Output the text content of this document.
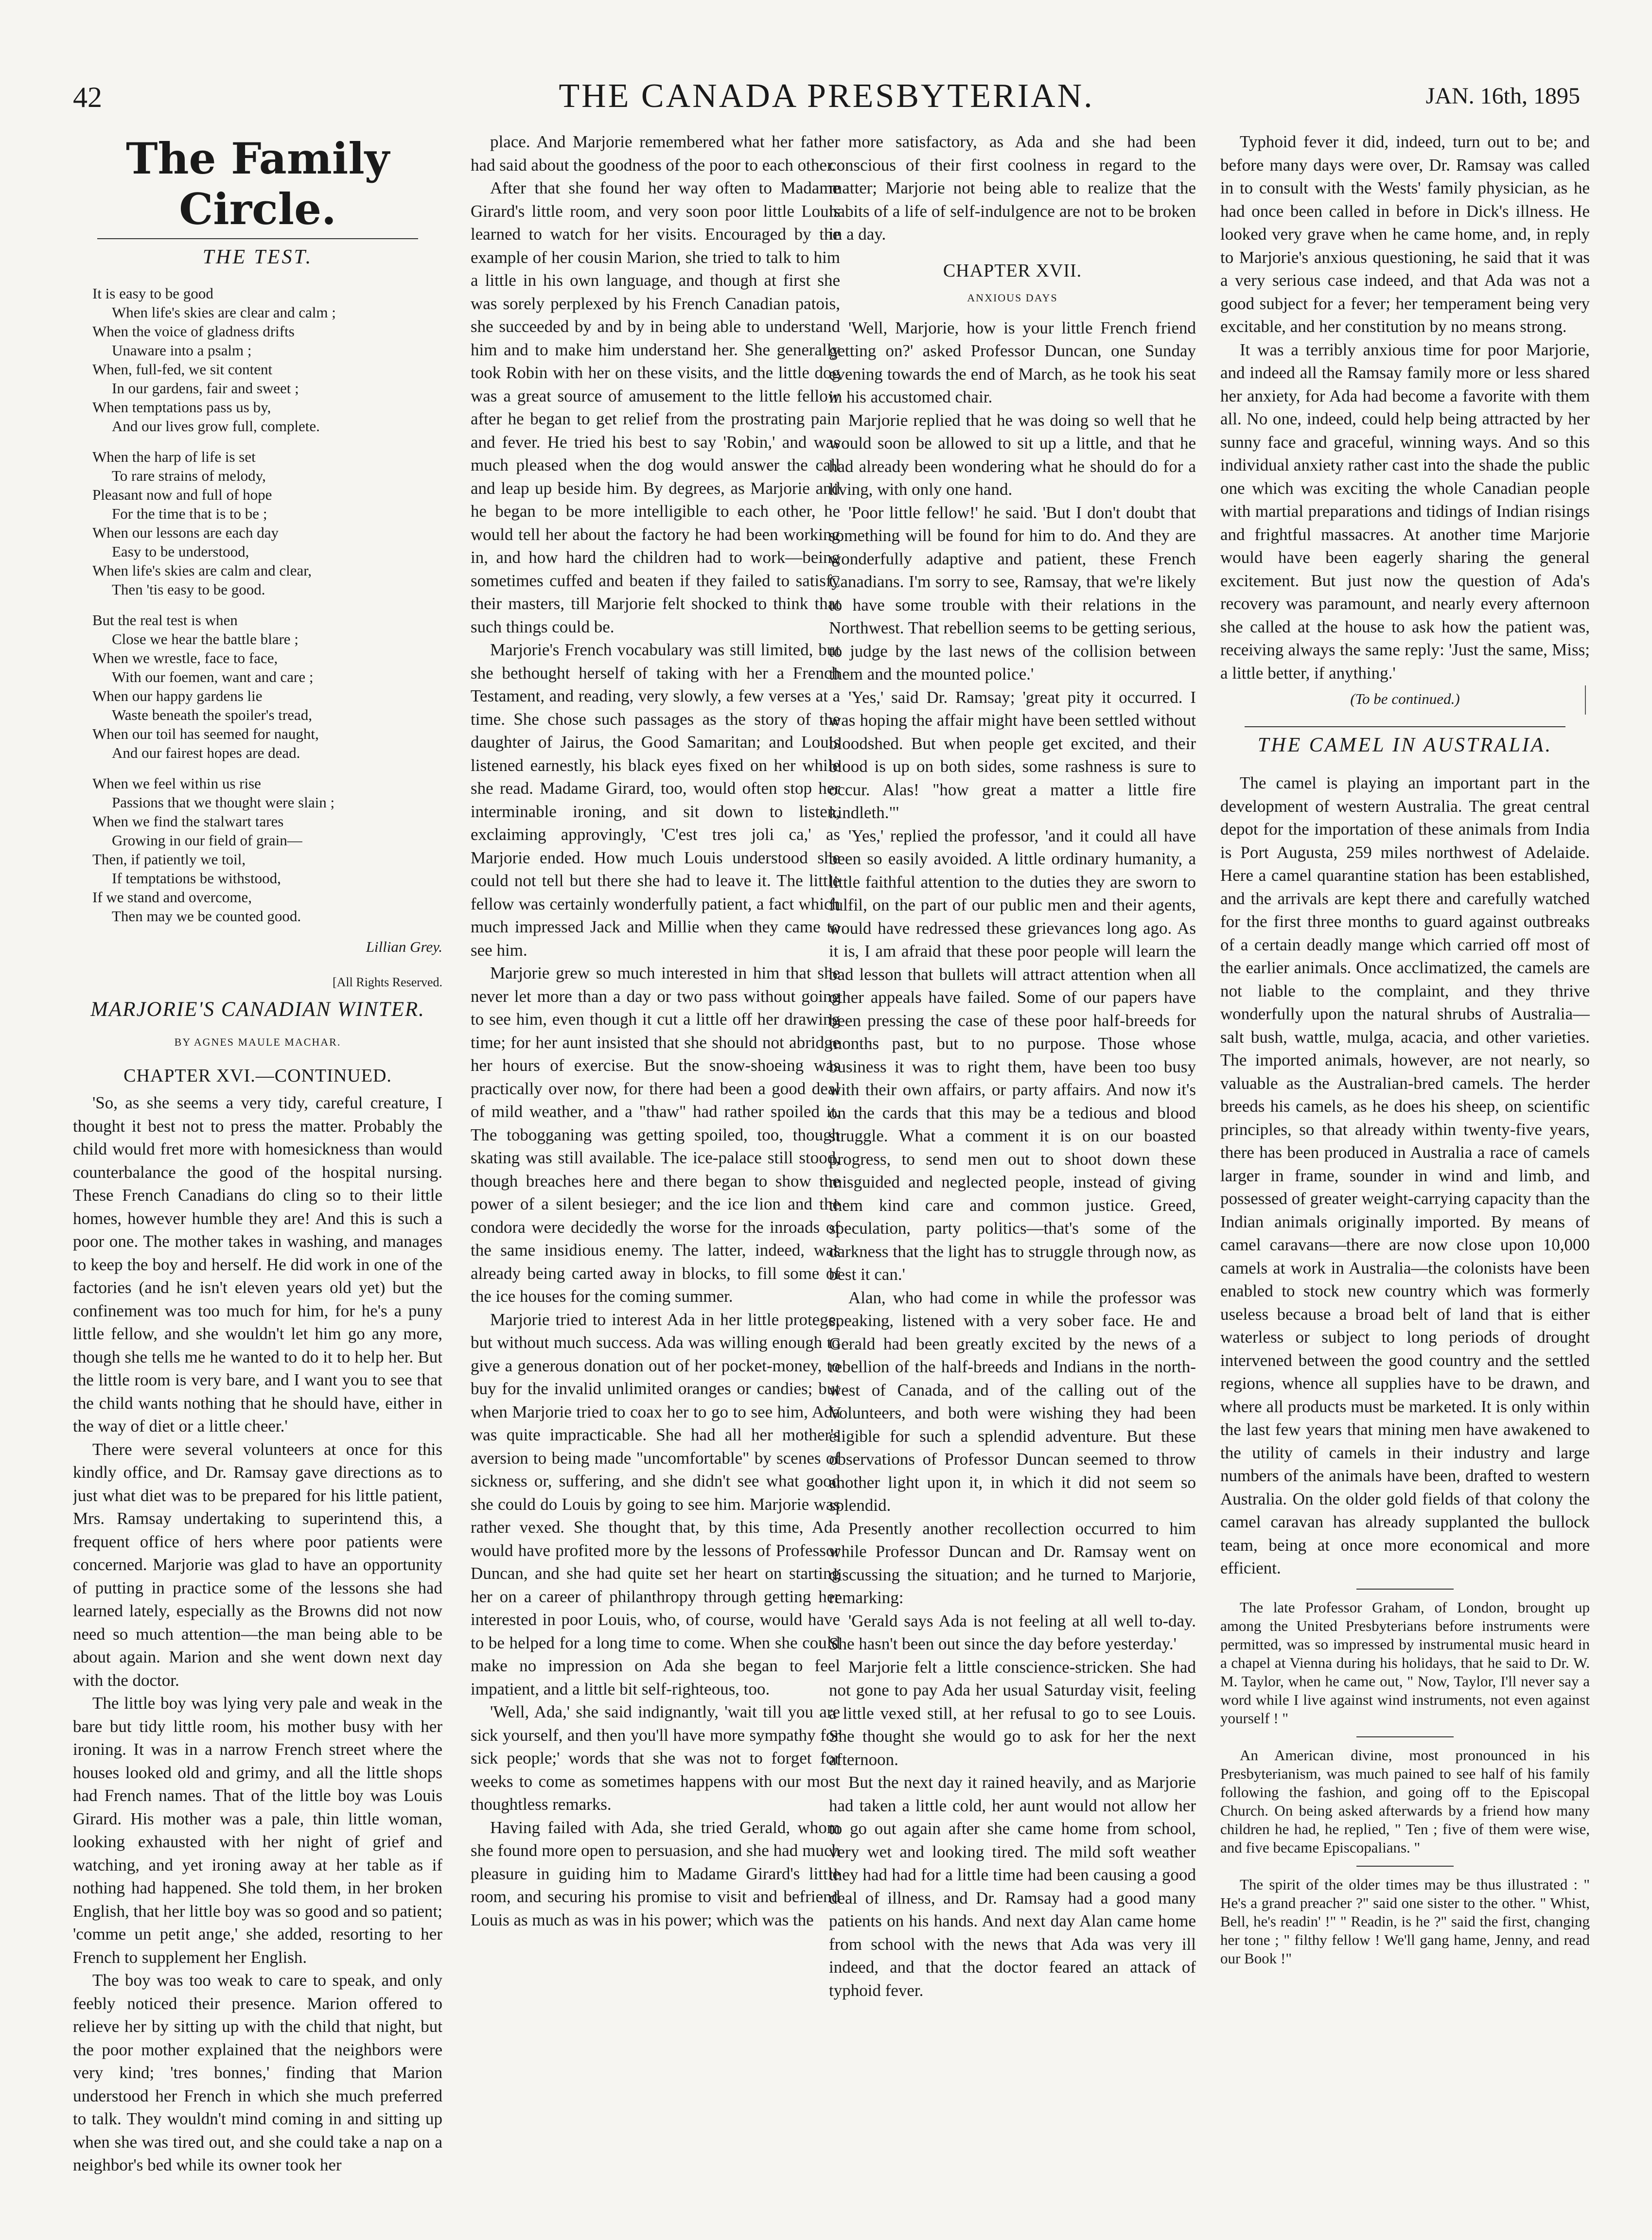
42	THE CANADA PRESBYTERIAN.	JAN. 16th, 1895
The Family Circle.
THE TEST.
It is easy to be good
When life's skies are clear and calm ;
When the voice of gladness drifts
Unaware into a psalm ;
When, full-fed, we sit content
In our gardens, fair and sweet ;
When temptations pass us by,
And our lives grow full, complete.
When the harp of life is set
To rare strains of melody,
Pleasant now and full of hope
For the time that is to be ;
When our lessons are each day
Easy to be understood,
When life's skies are calm and clear,
Then 'tis easy to be good.
But the real test is when
Close we hear the battle blare ;
When we wrestle, face to face,
With our foemen, want and care ;
When our happy gardens lie
Waste beneath the spoiler's tread,
When our toil has seemed for naught,
And our fairest hopes are dead.
When we feel within us rise
Passions that we thought were slain ;
When we find the stalwart tares
Growing in our field of grain—
Then, if patiently we toil,
If temptations be withstood,
If we stand and overcome,
Then may we be counted good.
Lillian Grey.
[All Rights Reserved.
MARJORIE'S CANADIAN WINTER.
BY AGNES MAULE MACHAR.
CHAPTER XVI.—CONTINUED.

'So, as she seems a very tidy, careful creature, I thought it best not to press the matter. Probably the child would fret more with homesickness than would counterbalance the good of the hospital nursing. These French Canadians do cling so to their little homes, however humble they are! And this is such a poor one. The mother takes in washing, and manages to keep the boy and herself. He did work in one of the factories (and he isn't eleven years old yet) but the confinement was too much for him, for he's a puny little fellow, and she wouldn't let him go any more, though she tells me he wanted to do it to help her. But the little room is very bare, and I want you to see that the child wants nothing that he should have, either in the way of diet or a little cheer.'

There were several volunteers at once for this kindly office, and Dr. Ramsay gave directions as to just what diet was to be prepared for his little patient, Mrs. Ramsay undertaking to superintend this, a frequent office of hers where poor patients were concerned. Marjorie was glad to have an opportunity of putting in practice some of the lessons she had learned lately, especially as the Browns did not now need so much attention—the man being able to be about again. Marion and she went down next day with the doctor.

The little boy was lying very pale and weak in the bare but tidy little room, his mother busy with her ironing. It was in a narrow French street where the houses looked old and grimy, and all the little shops had French names. That of the little boy was Louis Girard. His mother was a pale, thin little woman, looking exhausted with her night of grief and watching, and yet ironing away at her table as if nothing had happened. She told them, in her broken English, that her little boy was so good and so patient; 'comme un petit ange,' she added, resorting to her French to supplement her English.

The boy was too weak to care to speak, and only feebly noticed their presence. Marion offered to relieve her by sitting up with the child that night, but the poor mother explained that the neighbors were very kind; 'tres bonnes,' finding that Marion understood her French in which she much preferred to talk. They wouldn't mind coming in and sitting up when she was tired out, and she could take a nap on a neighbor's bed while its owner took her

place. And Marjorie remembered what her father had said about the goodness of the poor to each other.

After that she found her way often to Madame Girard's little room, and very soon poor little Louis learned to watch for her visits. Encouraged by the example of her cousin Marion, she tried to talk to him a little in his own language, and though at first she was sorely perplexed by his French Canadian patois, she succeeded by and by in being able to understand him and to make him understand her. She generally took Robin with her on these visits, and the little dog was a great source of amusement to the little fellow after he began to get relief from the prostrating pain and fever. He tried his best to say 'Robin,' and was much pleased when the dog would answer the call and leap up beside him. By degrees, as Marjorie and he began to be more intelligible to each other, he would tell her about the factory he had been working in, and how hard the children had to work—being sometimes cuffed and beaten if they failed to satisfy their masters, till Marjorie felt shocked to think that such things could be.

Marjorie's French vocabulary was still limited, but she bethought herself of taking with her a French Testament, and reading, very slowly, a few verses at a time. She chose such passages as the story of the daughter of Jairus, the Good Samaritan; and Louis listened earnestly, his black eyes fixed on her while she read. Madame Girard, too, would often stop her interminable ironing, and sit down to listen, exclaiming approvingly, 'C'est tres joli ca,' as Marjorie ended. How much Louis understood she could not tell but there she had to leave it. The little fellow was certainly wonderfully patient, a fact which much impressed Jack and Millie when they came to see him.

Marjorie grew so much interested in him that she never let more than a day or two pass without going to see him, even though it cut a little off her drawing time; for her aunt insisted that she should not abridge her hours of exercise. But the snow-shoeing was practically over now, for there had been a good deal of mild weather, and a "thaw" had rather spoiled it. The tobogganing was getting spoiled, too, though skating was still available. The ice-palace still stood, though breaches here and there began to show the power of a silent besieger; and the ice lion and the condora were decidedly the worse for the inroads of the same insidious enemy. The latter, indeed, was already being carted away in blocks, to fill some of the ice houses for the coming summer.

Marjorie tried to interest Ada in her little protege, but without much success. Ada was willing enough to give a generous donation out of her pocket-money, to buy for the invalid unlimited oranges or candies; but when Marjorie tried to coax her to go to see him, Ada was quite impracticable. She had all her mother's aversion to being made "uncomfortable" by scenes of sickness or, suffering, and she didn't see what good she could do Louis by going to see him. Marjorie was rather vexed. She thought that, by this time, Ada would have profited more by the lessons of Professor Duncan, and she had quite set her heart on starting her on a career of philanthropy through getting her interested in poor Louis, who, of course, would have to be helped for a long time to come. When she could make no impression on Ada she began to feel impatient, and a little bit self-righteous, too.

'Well, Ada,' she said indignantly, 'wait till you are sick yourself, and then you'll have more sympathy for sick people;' words that she was not to forget for weeks to come as sometimes happens with our most thoughtless remarks.

Having failed with Ada, she tried Gerald, whom she found more open to persuasion, and she had much pleasure in guiding him to Madame Girard's little room, and securing his promise to visit and befriend Louis as much as was in his power; which was the

more satisfactory, as Ada and she had been conscious of their first coolness in regard to the matter; Marjorie not being able to realize that the habits of a life of self-indulgence are not to be broken in a day.

CHAPTER XVII.
ANXIOUS DAYS

'Well, Marjorie, how is your little French friend getting on?' asked Professor Duncan, one Sunday evening towards the end of March, as he took his seat in his accustomed chair.

Marjorie replied that he was doing so well that he would soon be allowed to sit up a little, and that he had already been wondering what he should do for a living, with only one hand.

'Poor little fellow!' he said. 'But I don't doubt that something will be found for him to do. And they are wonderfully adaptive and patient, these French Canadians. I'm sorry to see, Ramsay, that we're likely to have some trouble with their relations in the Northwest. That rebellion seems to be getting serious, to judge by the last news of the collision between them and the mounted police.'

'Yes,' said Dr. Ramsay; 'great pity it occurred. I was hoping the affair might have been settled without bloodshed. But when people get excited, and their blood is up on both sides, some rashness is sure to occur. Alas! "how great a matter a little fire kindleth."'

'Yes,' replied the professor, 'and it could all have been so easily avoided. A little ordinary humanity, a little faithful attention to the duties they are sworn to fulfil, on the part of our public men and their agents, would have redressed these grievances long ago. As it is, I am afraid that these poor people will learn the bad lesson that bullets will attract attention when all other appeals have failed. Some of our papers have been pressing the case of these poor half-breeds for months past, but to no purpose. Those whose business it was to right them, have been too busy with their own affairs, or party affairs. And now it's on the cards that this may be a tedious and blood struggle. What a comment it is on our boasted progress, to send men out to shoot down these misguided and neglected people, instead of giving them kind care and common justice. Greed, speculation, party politics—that's some of the darkness that the light has to struggle through now, as best it can.'

Alan, who had come in while the professor was speaking, listened with a very sober face. He and Gerald had been greatly excited by the news of a rebellion of the half-breeds and Indians in the north-west of Canada, and of the calling out of the Volunteers, and both were wishing they had been eligible for such a splendid adventure. But these observations of Professor Duncan seemed to throw another light upon it, in which it did not seem so splendid.

Presently another recollection occurred to him while Professor Duncan and Dr. Ramsay went on discussing the situation; and he turned to Marjorie, remarking:

'Gerald says Ada is not feeling at all well to-day. She hasn't been out since the day before yesterday.'

Marjorie felt a little conscience-stricken. She had not gone to pay Ada her usual Saturday visit, feeling a little vexed still, at her refusal to go to see Louis. She thought she would go to ask for her the next afternoon.

But the next day it rained heavily, and as Marjorie had taken a little cold, her aunt would not allow her to go out again after she came home from school, very wet and looking tired. The mild soft weather they had had for a little time had been causing a good deal of illness, and Dr. Ramsay had a good many patients on his hands. And next day Alan came home from school with the news that Ada was very ill indeed, and that the doctor feared an attack of typhoid fever.

Typhoid fever it did, indeed, turn out to be; and before many days were over, Dr. Ramsay was called in to consult with the Wests' family physician, as he had once been called in before in Dick's illness. He looked very grave when he came home, and, in reply to Marjorie's anxious questioning, he said that it was a very serious case indeed, and that Ada was not a good subject for a fever; her temperament being very excitable, and her constitution by no means strong.

It was a terribly anxious time for poor Marjorie, and indeed all the Ramsay family more or less shared her anxiety, for Ada had become a favorite with them all. No one, indeed, could help being attracted by her sunny face and graceful, winning ways. And so this individual anxiety rather cast into the shade the public one which was exciting the whole Canadian people with martial preparations and tidings of Indian risings and frightful massacres. At another time Marjorie would have been eagerly sharing the general excitement. But just now the question of Ada's recovery was paramount, and nearly every afternoon she called at the house to ask how the patient was, receiving always the same reply: 'Just the same, Miss; a little better, if anything.'

(To be continued.)
THE CAMEL IN AUSTRALIA.

The camel is playing an important part in the development of western Australia. The great central depot for the importation of these animals from India is Port Augusta, 259 miles northwest of Adelaide. Here a camel quarantine station has been established, and the arrivals are kept there and carefully watched for the first three months to guard against outbreaks of a certain deadly mange which carried off most of the earlier animals. Once acclimatized, the camels are not liable to the complaint, and they thrive wonderfully upon the natural shrubs of Australia—salt bush, wattle, mulga, acacia, and other varieties. The imported animals, however, are not nearly, so valuable as the Australian-bred camels. The herder breeds his camels, as he does his sheep, on scientific principles, so that already within twenty-five years, there has been produced in Australia a race of camels larger in frame, sounder in wind and limb, and possessed of greater weight-carrying capacity than the Indian animals originally imported. By means of camel caravans—there are now close upon 10,000 camels at work in Australia—the colonists have been enabled to stock new country which was formerly useless because a broad belt of land that is either waterless or subject to long periods of drought intervened between the good country and the settled regions, whence all supplies have to be drawn, and where all products must be marketed. It is only within the last few years that mining men have awakened to the utility of camels in their industry and large numbers of the animals have been, drafted to western Australia. On the older gold fields of that colony the camel caravan has already supplanted the bullock team, being at once more economical and more efficient.

The late Professor Graham, of London, brought up among the United Presbyterians before instruments were permitted, was so impressed by instrumental music heard in a chapel at Vienna during his holidays, that he said to Dr. W. M. Taylor, when he came out, " Now, Taylor, I'll never say a word while I live against wind instruments, not even against yourself ! "

An American divine, most pronounced in his Presbyterianism, was much pained to see half of his family following the fashion, and going off to the Episcopal Church. On being asked afterwards by a friend how many children he had, he replied, " Ten ; five of them were wise, and five became Episcopalians. "

The spirit of the older times may be thus illustrated : " He's a grand preacher ?" said one sister to the other. " Whist, Bell, he's readin' !" " Readin, is he ?" said the first, changing her tone ; " filthy fellow ! We'll gang hame, Jenny, and read our Book !"
